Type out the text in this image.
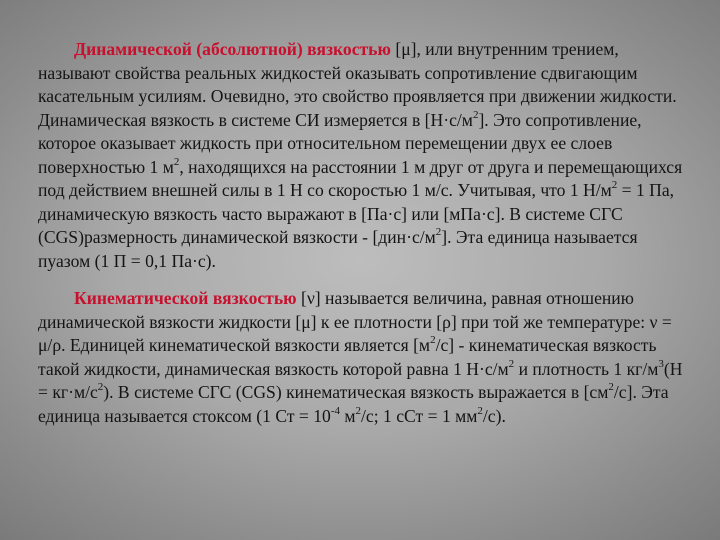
Динамической (абсолютной) вязкостью [μ], или внутренним трением, называют свойства реальных жидкостей оказывать сопротивление сдвигающим касательным усилиям. Очевидно, это свойство проявляется при движении жидкости. Динамическая вязкость в системе СИ измеряется в $[Н\cdot с/м^2]$. Это сопротивление, которое оказывает жидкость при относительном перемещении двух ее слоев поверхностью 1 $м^2$, находящихся на расстоянии 1 м друг от друга и перемещающихся под действием внешней силы в 1 Н со скоростью 1 м/с. Учитывая, что 1 $Н/м^2 = 1$ Па, динамическую вязкость часто выражают в [Па·с] или [мПа·с]. В системе СГС (CGS)размерность динамической вязкости - $[дин\cdot с/м^2]$. Эта единица называется пуазом (1 П = 0,1 Па·с).

Кинематической вязкостью [ν] называется величина, равная отношению динамической вязкости жидкости [μ] к ее плотности [ρ] при той же температуре: ν = μ/ρ. Единицей кинематической вязкости является $[м^2/с]$ - кинематическая вязкость такой жидкости, динамическая вязкость которой равна 1 $Н\cdot с/м^2$ и плотность 1 $кг/м^3(Н = кг\cdot м/с^2)$. В системе СГС (CGS) кинематическая вязкость выражается в $[см^2/с]$. Эта единица называется стоксом (1 Ст = $10^{-4}$ $м^2/с$; 1 сСт = 1 $мм^2/с$).
